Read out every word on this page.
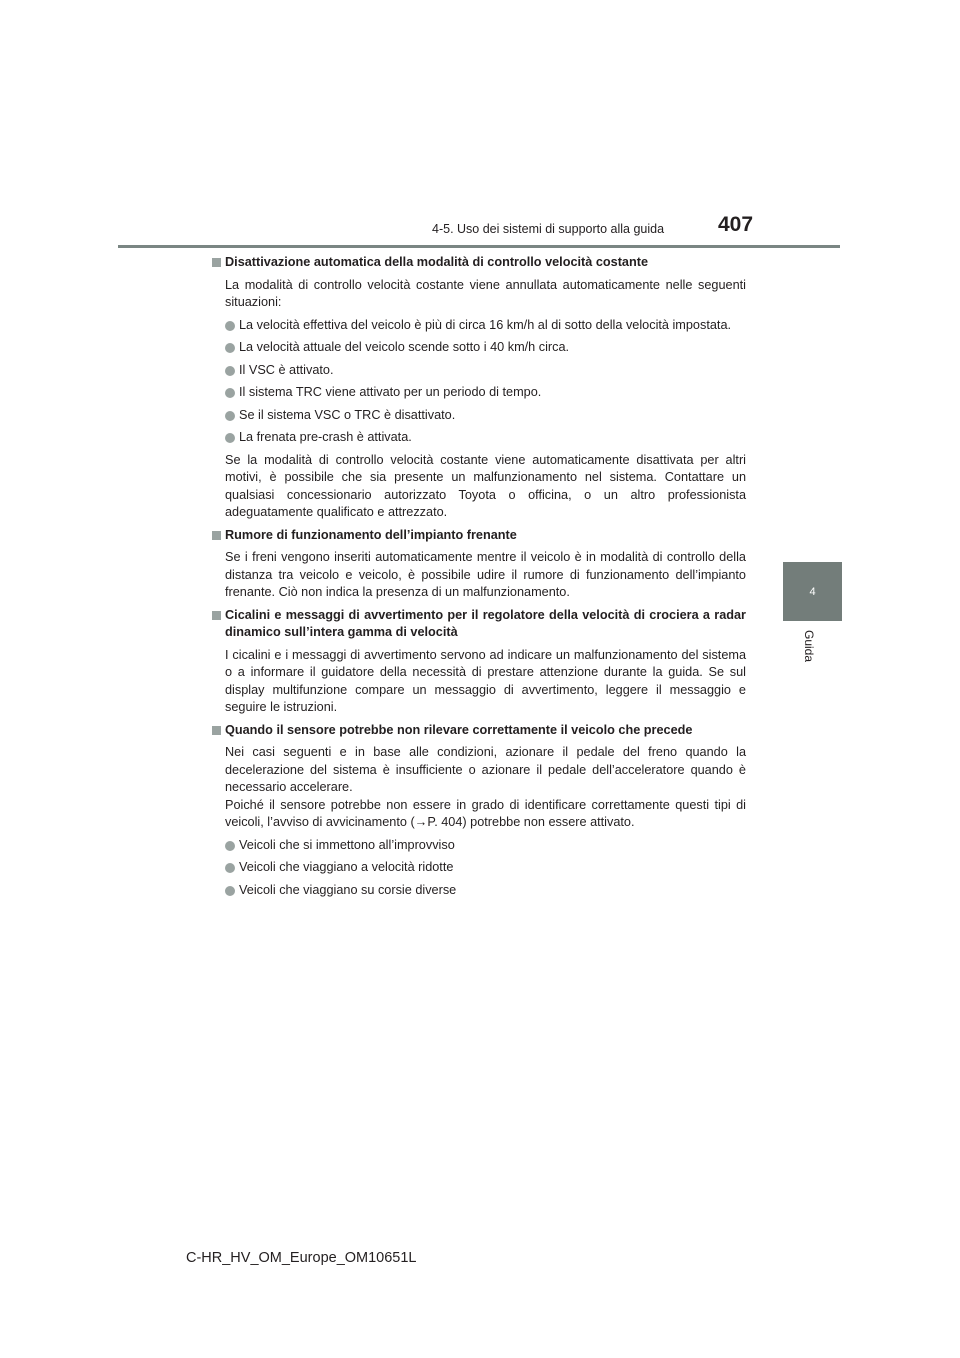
4-5. Uso dei sistemi di supporto alla guida	407
4
Guida
Disattivazione automatica della modalità di controllo velocità costante
La modalità di controllo velocità costante viene annullata automaticamente nelle seguenti situazioni:
La velocità effettiva del veicolo è più di circa 16 km/h al di sotto della velocità impostata.
La velocità attuale del veicolo scende sotto i 40 km/h circa.
Il VSC è attivato.
Il sistema TRC viene attivato per un periodo di tempo.
Se il sistema VSC o TRC è disattivato.
La frenata pre-crash è attivata.
Se la modalità di controllo velocità costante viene automaticamente disattivata per altri motivi, è possibile che sia presente un malfunzionamento nel sistema. Contattare un qualsiasi concessionario autorizzato Toyota o officina, o un altro professionista adeguatamente qualificato e attrezzato.
Rumore di funzionamento dell’impianto frenante
Se i freni vengono inseriti automaticamente mentre il veicolo è in modalità di controllo della distanza tra veicolo e veicolo, è possibile udire il rumore di funzionamento dell’impianto frenante. Ciò non indica la presenza di un malfunzionamento.
Cicalini e messaggi di avvertimento per il regolatore della velocità di crociera a radar dinamico sull’intera gamma di velocità
I cicalini e i messaggi di avvertimento servono ad indicare un malfunzionamento del sistema o a informare il guidatore della necessità di prestare attenzione durante la guida. Se sul display multifunzione compare un messaggio di avvertimento, leggere il messaggio e seguire le istruzioni.
Quando il sensore potrebbe non rilevare correttamente il veicolo che precede
Nei casi seguenti e in base alle condizioni, azionare il pedale del freno quando la decelerazione del sistema è insufficiente o azionare il pedale dell’acceleratore quando è necessario accelerare.
Poiché il sensore potrebbe non essere in grado di identificare correttamente questi tipi di veicoli, l’avviso di avvicinamento (→P. 404) potrebbe non essere attivato.
Veicoli che si immettono all’improvviso
Veicoli che viaggiano a velocità ridotte
Veicoli che viaggiano su corsie diverse
C-HR_HV_OM_Europe_OM10651L
